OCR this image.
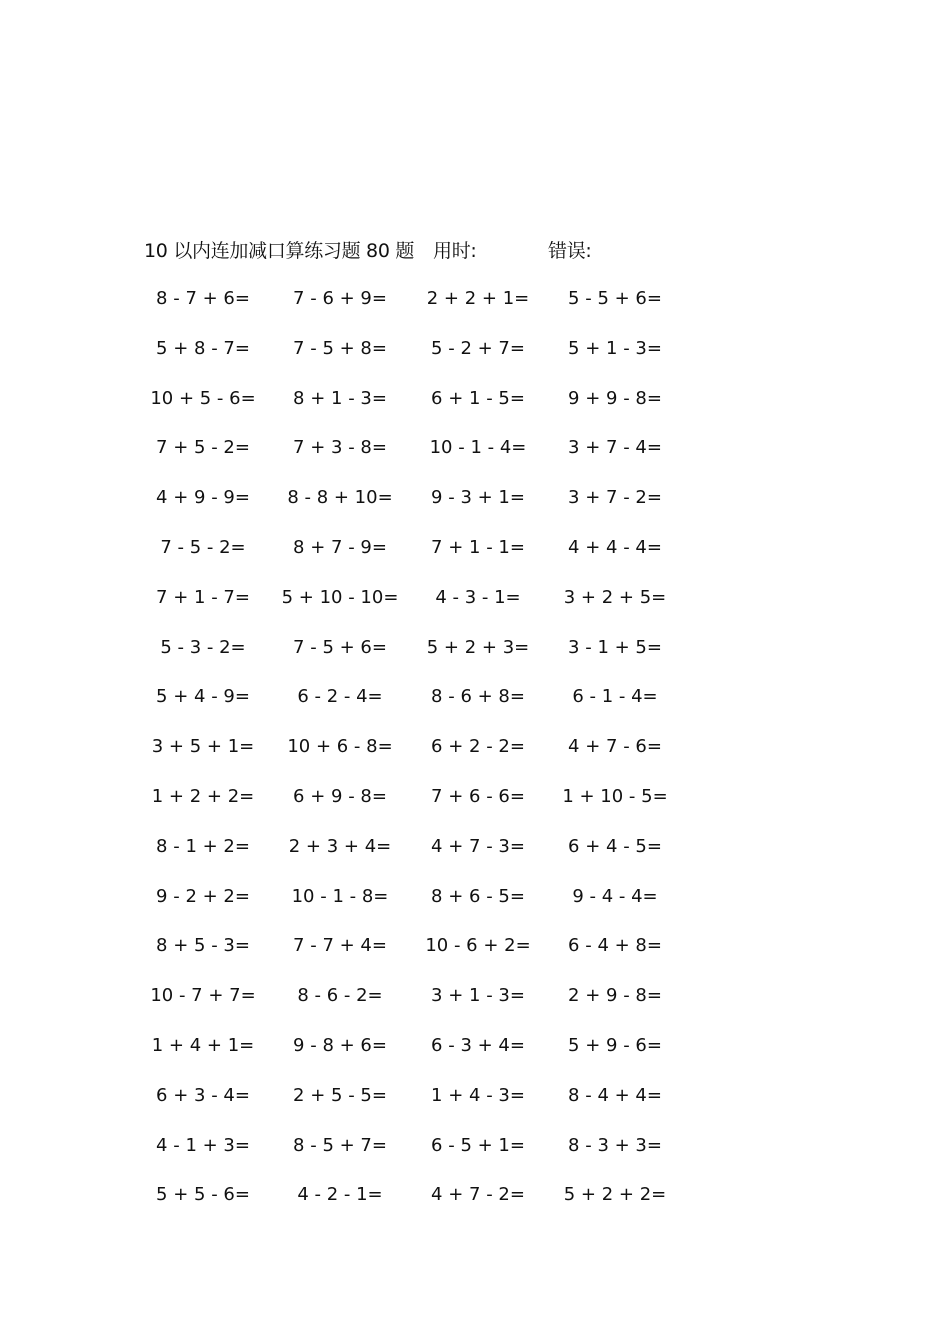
10 以内连加减口算练习题 80 题 用时:	错误:
8 - 7 + 6=	7 - 6 + 9=	2 + 2 + 1=	5 - 5 + 6=
5 + 8 - 7=	7 - 5 + 8=	5 - 2 + 7=	5 + 1 - 3=
10 + 5 - 6=	8 + 1 - 3=	6 + 1 - 5=	9 + 9 - 8=
7 + 5 - 2=	7 + 3 - 8=	10 - 1 - 4=	3 + 7 - 4=
4 + 9 - 9=	8 - 8 + 10=	9 - 3 + 1=	3 + 7 - 2=
7 - 5 - 2=	8 + 7 - 9=	7 + 1 - 1=	4 + 4 - 4=
7 + 1 - 7=	5 + 10 - 10=	4 - 3 - 1=	3 + 2 + 5=
5 - 3 - 2=	7 - 5 + 6=	5 + 2 + 3=	3 - 1 + 5=
5 + 4 - 9=	6 - 2 - 4=	8 - 6 + 8=	6 - 1 - 4=
3 + 5 + 1=	10 + 6 - 8=	6 + 2 - 2=	4 + 7 - 6=
1 + 2 + 2=	6 + 9 - 8=	7 + 6 - 6=	1 + 10 - 5=
8 - 1 + 2=	2 + 3 + 4=	4 + 7 - 3=	6 + 4 - 5=
9 - 2 + 2=	10 - 1 - 8=	8 + 6 - 5=	9 - 4 - 4=
8 + 5 - 3=	7 - 7 + 4=	10 - 6 + 2=	6 - 4 + 8=
10 - 7 + 7=	8 - 6 - 2=	3 + 1 - 3=	2 + 9 - 8=
1 + 4 + 1=	9 - 8 + 6=	6 - 3 + 4=	5 + 9 - 6=
6 + 3 - 4=	2 + 5 - 5=	1 + 4 - 3=	8 - 4 + 4=
4 - 1 + 3=	8 - 5 + 7=	6 - 5 + 1=	8 - 3 + 3=
5 + 5 - 6=	4 - 2 - 1=	4 + 7 - 2=	5 + 2 + 2=
